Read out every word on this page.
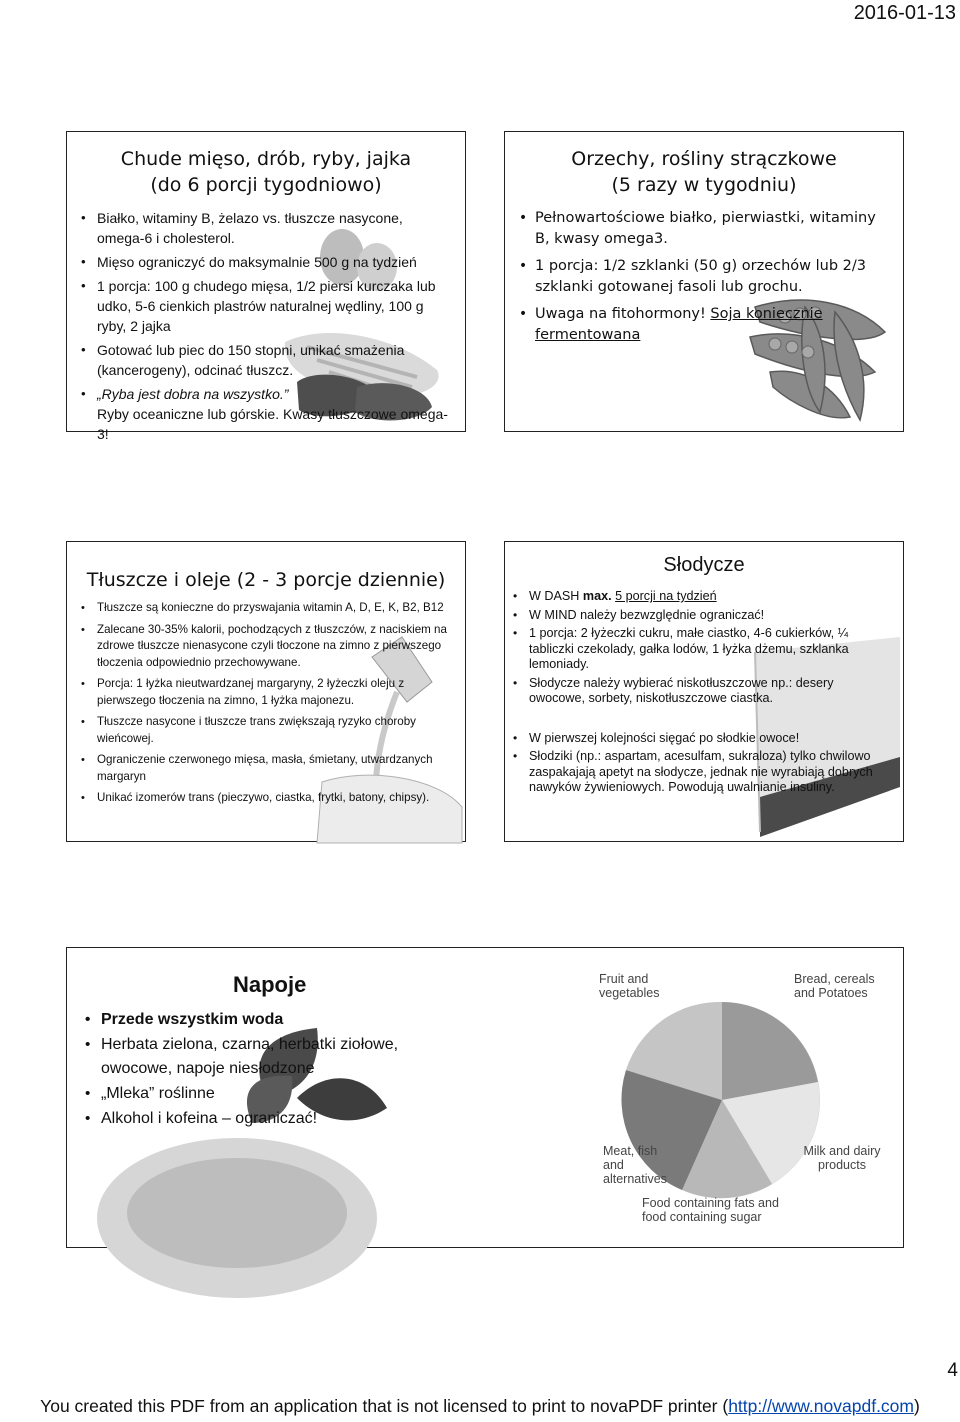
2016-01-13
Chude mięso, drób, ryby, jajka
(do 6 porcji tygodniowo)
• Białko, witaminy B, żelazo vs. tłuszcze nasycone, omega-6 i cholesterol.
• Mięso ograniczyć do maksymalnie 500 g na tydzień
• 1 porcja: 100 g chudego mięsa, 1/2 piersi kurczaka lub udko, 5-6 cienkich plastrów naturalnej wędliny, 100 g ryby, 2 jajka
• Gotować lub piec do 150 stopni, unikać smażenia (kancerogeny), odcinać tłuszcz.
• „Ryba jest dobra na wszystko.”
Ryby oceaniczne lub górskie. Kwasy tłuszczowe omega-3!
Orzechy, rośliny strączkowe
(5 razy w tygodniu)
• Pełnowartościowe białko, pierwiastki, witaminy B, kwasy omega3.
• 1 porcja: 1/2 szklanki (50 g) orzechów lub 2/3 szklanki gotowanej fasoli lub grochu.
• Uwaga na fitohormony! Soja koniecznie fermentowana
Tłuszcze i oleje (2 - 3 porcje dziennie)
• Tłuszcze są konieczne do przyswajania witamin A, D, E, K, B2, B12
• Zalecane 30-35% kalorii, pochodzących z tłuszczów, z naciskiem na zdrowe tłuszcze nienasycone czyli tłoczone na zimno z pierwszego tłoczenia odpowiednio przechowywane.
• Porcja: 1 łyżka nieutwardzanej margaryny, 2 łyżeczki oleju z pierwszego tłoczenia na zimno, 1 łyżka majonezu.
• Tłuszcze nasycone i tłuszcze trans zwiększają ryzyko choroby wieńcowej.
• Ograniczenie czerwonego mięsa, masła, śmietany, utwardzanych margaryn
• Unikać izomerów trans (pieczywo, ciastka, frytki, batony, chipsy).
Słodycze
• W DASH max. 5 porcji na tydzień
• W MIND należy bezwzględnie ograniczać!
• 1 porcja: 2 łyżeczki cukru, małe ciastko, 4-6 cukierków, ¼ tabliczki czekolady, gałka lodów, 1 łyżka dżemu, szklanka lemoniady.
• Słodycze należy wybierać niskotłuszczowe np.: desery owocowe, sorbety, niskotłuszczowe ciastka.
• W pierwszej kolejności sięgać po słodkie owoce!
• Słodziki (np.: aspartam, acesulfam, sukraloza) tylko chwilowo zaspakajają apetyt na słodycze, jednak nie wyrabiają dobrych nawyków żywieniowych. Powodują uwalnianie insuliny.
Fruit and vegetables
Bread, cereals and Potatoes
Meat, fish and alternatives
Milk and dairy products
Food containing fats and food containing sugar
Napoje
• Przede wszystkim woda
• Herbata zielona, czarna, herbatki ziołowe, owocowe, napoje niesłodzone
• „Mleka” roślinne
• Alkohol i kofeina – ograniczać!
4
You created this PDF from an application that is not licensed to print to novaPDF printer (http://www.novapdf.com)
